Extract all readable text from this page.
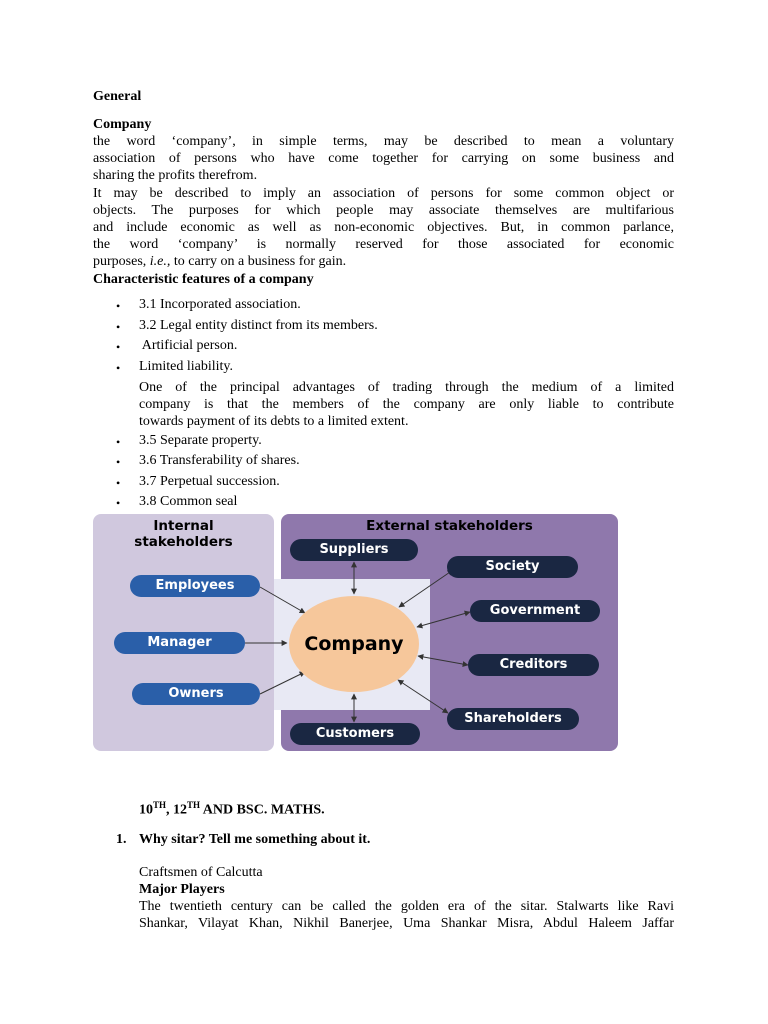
General
Company
the word ‘company’, in simple terms, may be described to mean a voluntary
association of persons who have come together for carrying on some business and
sharing the profits therefrom.
It may be described to imply an association of persons for some common object or
objects. The purposes for which people may associate themselves are multifarious
and include economic as well as non-economic objectives. But, in common parlance,
the word ‘company’ is normally reserved for those associated for economic
purposes, i.e., to carry on a business for gain.
Characteristic features of a company
• 3.1 Incorporated association.
• 3.2 Legal entity distinct from its members.
• Artificial person.
• Limited liability.
One of the principal advantages of trading through the medium of a limited
company is that the members of the company are only liable to contribute
towards payment of its debts to a limited extent.
• 3.5 Separate property.
• 3.6 Transferability of shares.
• 3.7 Perpetual succession.
• 3.8 Common seal
Internal
stakeholders
External stakeholders
Company
Employees
Manager
Owners
Suppliers
Customers
Society
Government
Creditors
Shareholders
10TH, 12TH AND BSC. MATHS.
1. Why sitar? Tell me something about it.
Craftsmen of Calcutta
Major Players
The twentieth century can be called the golden era of the sitar. Stalwarts like Ravi
Shankar, Vilayat Khan, Nikhil Banerjee, Uma Shankar Misra, Abdul Haleem Jaffar
